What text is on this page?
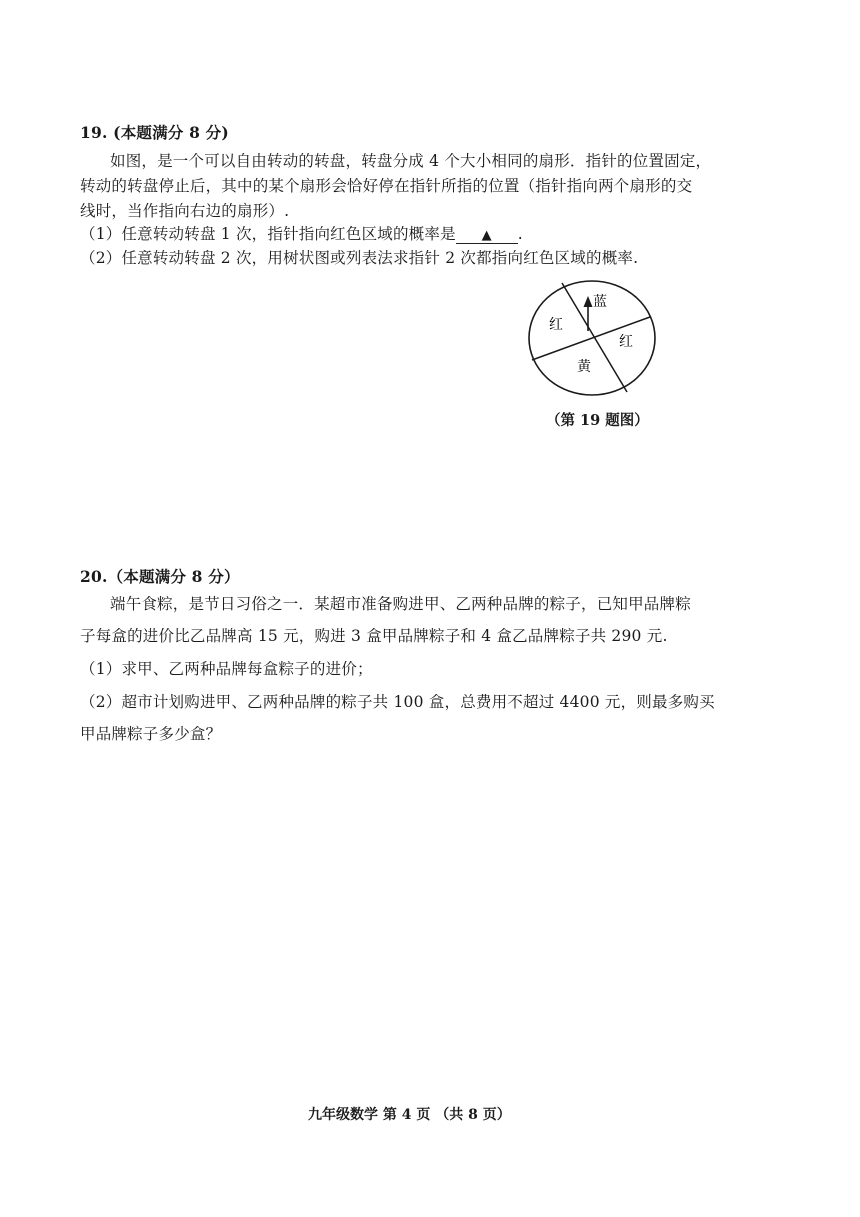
19. (本题满分 8 分)
如图，是一个可以自由转动的转盘，转盘分成 4 个大小相同的扇形．指针的位置固定，
转动的转盘停止后，其中的某个扇形会恰好停在指针所指的位置（指针指向两个扇形的交
线时，当作指向右边的扇形）.
（1）任意转动转盘 1 次，指针指向红色区域的概率是 ▲ .
（2）任意转动转盘 2 次，用树状图或列表法求指针 2 次都指向红色区域的概率.
蓝
红
红
黄
（第 19 题图）
20.（本题满分 8 分）
端午食粽，是节日习俗之一．某超市准备购进甲、乙两种品牌的粽子，已知甲品牌粽
子每盒的进价比乙品牌高 15 元，购进 3 盒甲品牌粽子和 4 盒乙品牌粽子共 290 元.
（1）求甲、乙两种品牌每盒粽子的进价；
（2）超市计划购进甲、乙两种品牌的粽子共 100 盒，总费用不超过 4400 元，则最多购买
甲品牌粽子多少盒？
九年级数学 第 4 页 （共 8 页）
